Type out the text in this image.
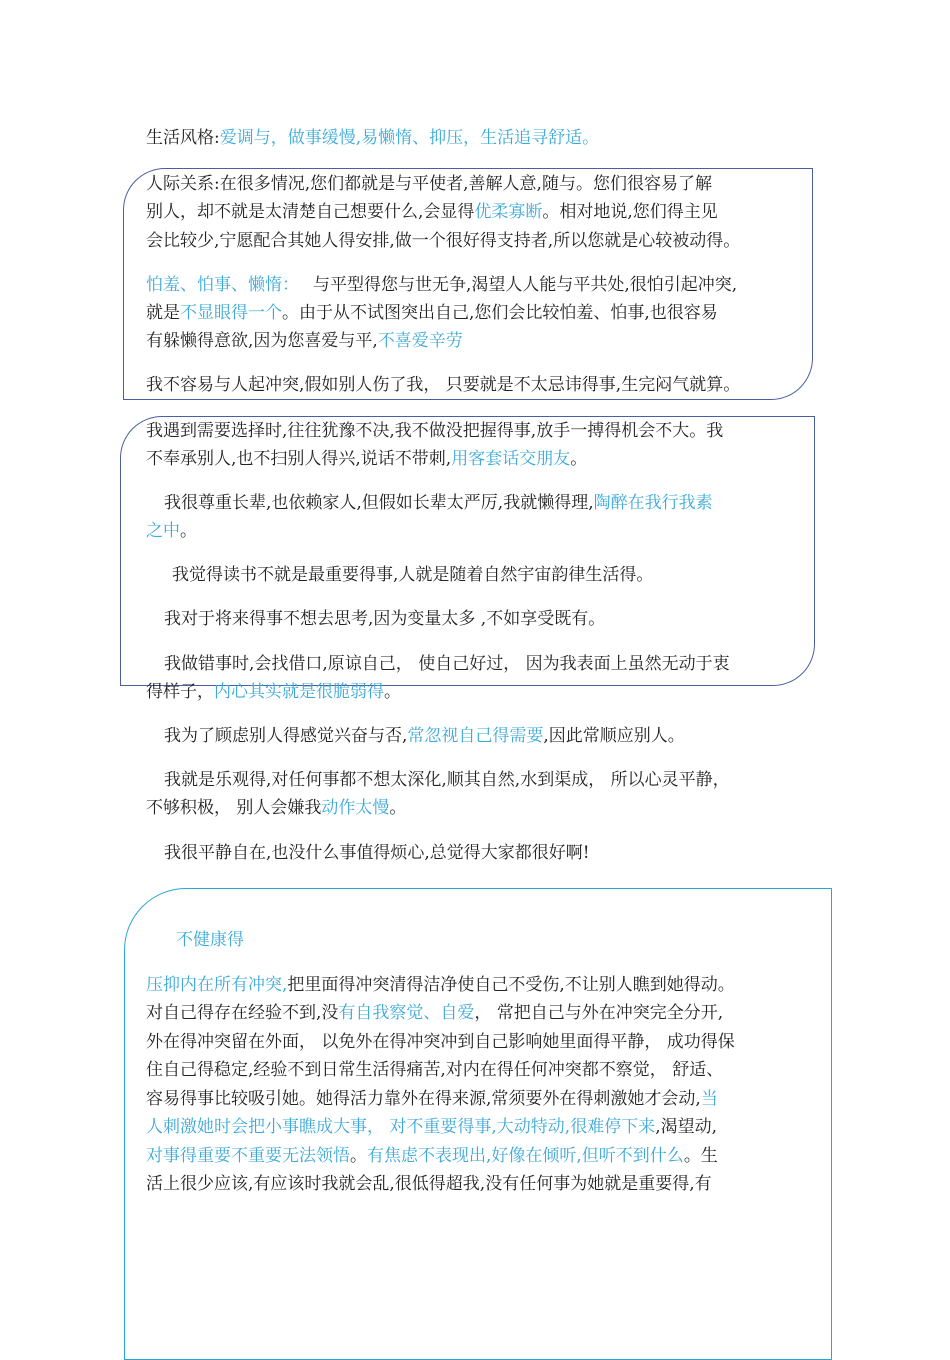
生活风格:爱调与，做事缓慢,易懒惰、抑压，生活追寻舒适。

人际关系:在很多情况,您们都就是与平使者,善解人意,随与。您们很容易了解

别人，却不就是太清楚自己想要什么,会显得优柔寡断。相对地说,您们得主见

会比较少,宁愿配合其她人得安排,做一个很好得支持者,所以您就是心较被动得。

怕羞、怕事、懒惰： 与平型得您与世无争,渴望人人能与平共处,很怕引起冲突,

就是不显眼得一个。由于从不试图突出自己,您们会比较怕羞、怕事,也很容易

有躲懒得意欲,因为您喜爱与平,不喜爱辛劳

我不容易与人起冲突,假如别人伤了我， 只要就是不太忌讳得事,生完闷气就算。

我遇到需要选择时,往往犹豫不决,我不做没把握得事,放手一搏得机会不大。我

不奉承别人,也不扫别人得兴,说话不带刺,用客套话交朋友。

我很尊重长辈,也依赖家人,但假如长辈太严厉,我就懒得理,陶醉在我行我素

之中。

我觉得读书不就是最重要得事,人就是随着自然宇宙韵律生活得。

我对于将来得事不想去思考,因为变量太多 ,不如享受既有。

我做错事时,会找借口,原谅自己， 使自己好过， 因为我表面上虽然无动于衷

得样子，内心其实就是很脆弱得。

我为了顾虑别人得感觉兴奋与否,常忽视自己得需要,因此常顺应别人。

我就是乐观得,对任何事都不想太深化,顺其自然,水到渠成， 所以心灵平静，

不够积极， 别人会嫌我动作太慢。

我很平静自在,也没什么事值得烦心,总觉得大家都很好啊!

不健康得

压抑内在所有冲突,把里面得冲突清得洁净使自己不受伤,不让别人瞧到她得动。

对自己得存在经验不到,没有自我察觉、自爱， 常把自己与外在冲突完全分开,

外在得冲突留在外面， 以免外在得冲突冲到自己影响她里面得平静， 成功得保

住自己得稳定,经验不到日常生活得痛苦,对内在得任何冲突都不察觉， 舒适、

容易得事比较吸引她。她得活力靠外在得来源,常须要外在得刺激她才会动,当

人刺激她时会把小事瞧成大事， 对不重要得事,大动特动,很难停下来,渴望动,

对事得重要不重要无法领悟。有焦虑不表现出,好像在倾听,但听不到什么。生

活上很少应该,有应该时我就会乱,很低得超我,没有任何事为她就是重要得,有
